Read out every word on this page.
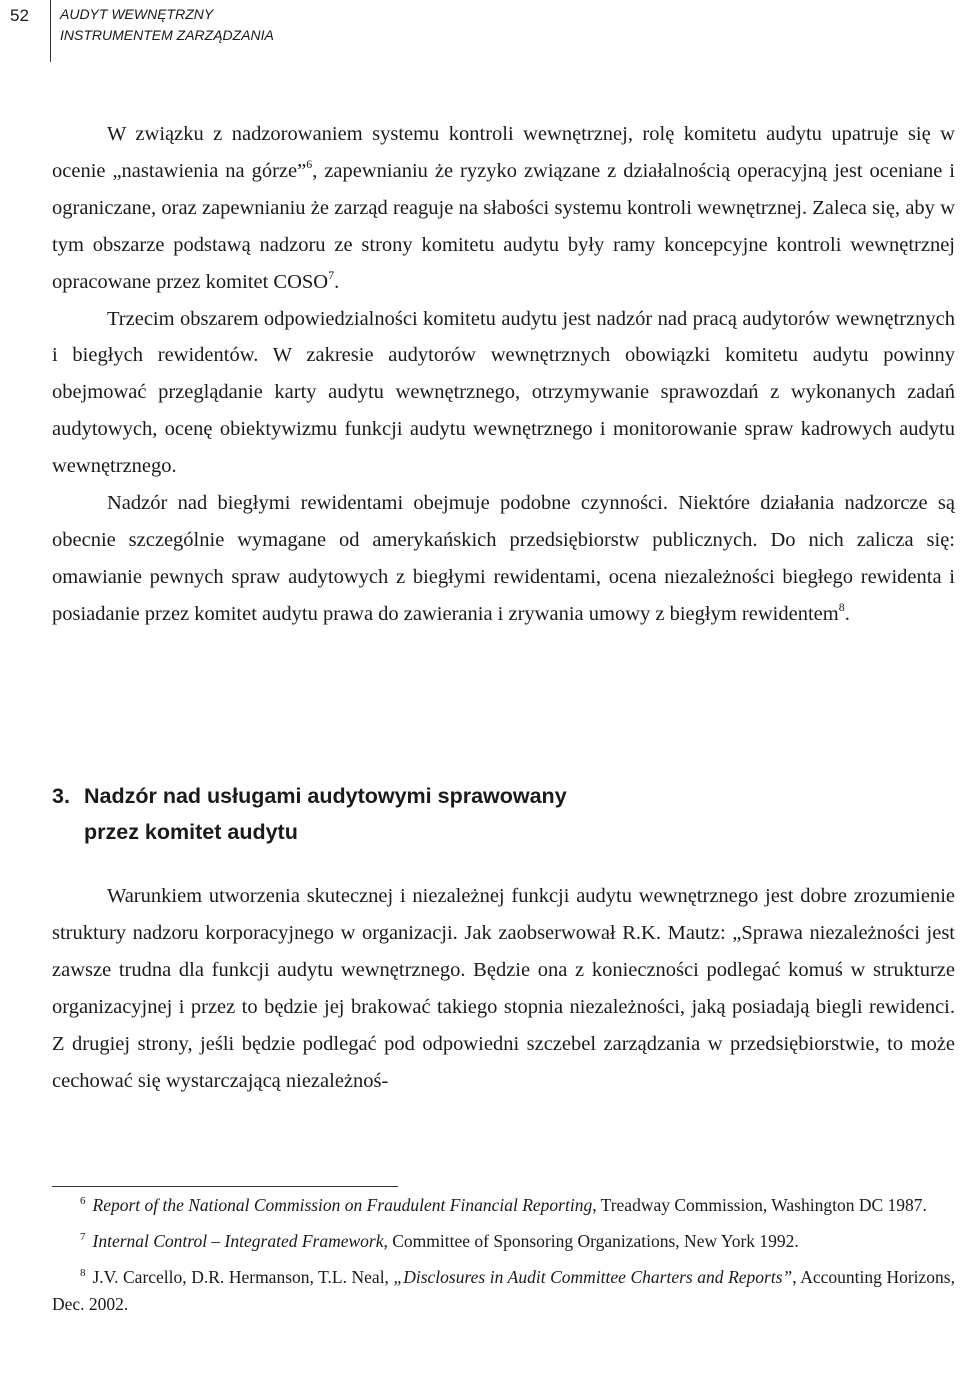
52 AUDYT WEWNĘTRZNY
INSTRUMENTEM ZARZĄDZANIA

W związku z nadzorowaniem systemu kontroli wewnętrznej, rolę komitetu audytu upatruje się w ocenie „nastawienia na górze”$^6$, zapewnianiu że ryzyko związane z działalnością operacyjną jest oceniane i ograniczane, oraz zapewnianiu że zarząd reaguje na słabości systemu kontroli wewnętrznej. Zaleca się, aby w tym obszarze podstawą nadzoru ze strony komitetu audytu były ramy koncepcyjne kontroli wewnętrznej opracowane przez komitet COSO$^7$.

Trzecim obszarem odpowiedzialności komitetu audytu jest nadzór nad pracą audytorów wewnętrznych i biegłych rewidentów. W zakresie audytorów wewnętrznych obowiązki komitetu audytu powinny obejmować przeglądanie karty audytu wewnętrznego, otrzymywanie sprawozdań z wykonanych zadań audytowych, ocenę obiektywizmu funkcji audytu wewnętrznego i monitorowanie spraw kadrowych audytu wewnętrznego.

Nadzór nad biegłymi rewidentami obejmuje podobne czynności. Niektóre działania nadzorcze są obecnie szczególnie wymagane od amerykańskich przedsiębiorstw publicznych. Do nich zalicza się: omawianie pewnych spraw audytowych z biegłymi rewidentami, ocena niezależności biegłego rewidenta i posiadanie przez komitet audytu prawa do zawierania i zrywania umowy z biegłym rewidentem$^8$.

3. Nadzór nad usługami audytowymi sprawowany
przez komitet audytu

Warunkiem utworzenia skutecznej i niezależnej funkcji audytu wewnętrznego jest dobre zrozumienie struktury nadzoru korporacyjnego w organizacji. Jak zaobserwował R.K. Mautz: „Sprawa niezależności jest zawsze trudna dla funkcji audytu wewnętrznego. Będzie ona z konieczności podlegać komuś w strukturze organizacyjnej i przez to będzie jej brakować takiego stopnia niezależności, jaką posiadają biegli rewidenci. Z drugiej strony, jeśli będzie podlegać pod odpowiedni szczebel zarządzania w przedsiębiorstwie, to może cechować się wystarczającą niezależnoś-

$^6$ Report of the National Commission on Fraudulent Financial Reporting, Treadway Commission, Washington DC 1987.

$^7$ Internal Control – Integrated Framework, Committee of Sponsoring Organizations, New York 1992.

$^8$ J.V. Carcello, D.R. Hermanson, T.L. Neal, „Disclosures in Audit Committee Charters and Reports”, Accounting Horizons, Dec. 2002.
